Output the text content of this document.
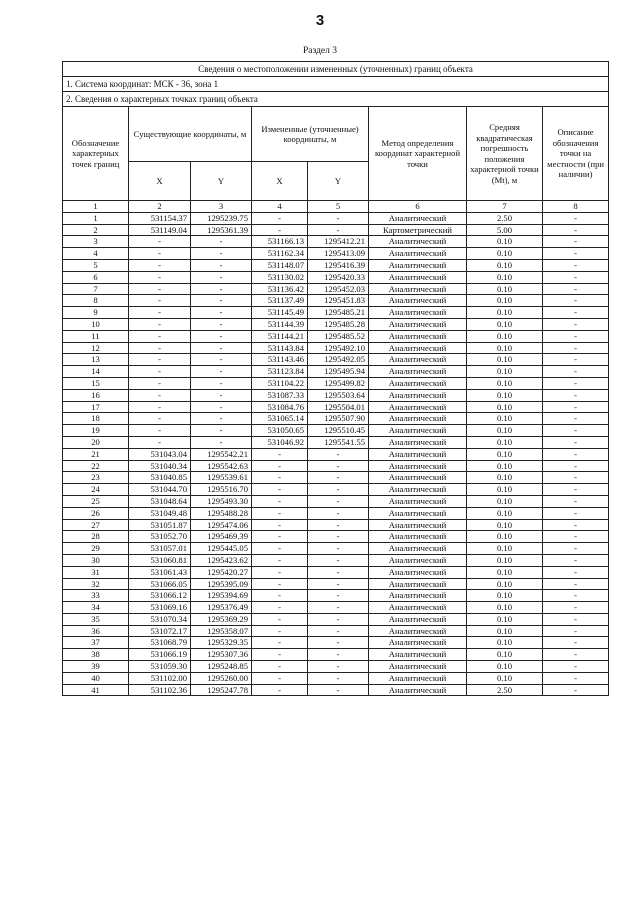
3
Раздел 3
Сведения о местоположении измененных (уточненных) границ объекта							
1. Система координат: МСК - 36, зона 1							
2. Сведения о характерных точках границ объекта							
Обозначение характерных точек границ	Существующие координаты, м		Измененные (уточненные) координаты, м		Метод определения координат характерной точки	Средняя квадратическая погрешность положения характерной точки (Mt), м	Описание обозначения точки на местности (при наличии)
	X	Y	X	Y			
1	2	3	4	5	6	7	8
1	531154.37	1295239.75	-	-	Аналитический	2.50	-
2	531149.04	1295361.39	-	-	Картометрический	5.00	-
3	-	-	531166.13	1295412.21	Аналитический	0.10	-
4	-	-	531162.34	1295413.09	Аналитический	0.10	-
5	-	-	531148.07	1295416.39	Аналитический	0.10	-
6	-	-	531130.02	1295420.33	Аналитический	0.10	-
7	-	-	531136.42	1295452.03	Аналитический	0.10	-
8	-	-	531137.49	1295451.83	Аналитический	0.10	-
9	-	-	531145.49	1295485.21	Аналитический	0.10	-
10	-	-	531144.39	1295485.28	Аналитический	0.10	-
11	-	-	531144.21	1295485.52	Аналитический	0.10	-
12	-	-	531143.84	1295492.10	Аналитический	0.10	-
13	-	-	531143.46	1295492.05	Аналитический	0.10	-
14	-	-	531123.84	1295495.94	Аналитический	0.10	-
15	-	-	531104.22	1295499.82	Аналитический	0.10	-
16	-	-	531087.33	1295503.64	Аналитический	0.10	-
17	-	-	531084.76	1295504.01	Аналитический	0.10	-
18	-	-	531065.14	1295507.90	Аналитический	0.10	-
19	-	-	531050.65	1295510.45	Аналитический	0.10	-
20	-	-	531046.92	1295541.55	Аналитический	0.10	-
21	531043.04	1295542.21	-	-	Аналитический	0.10	-
22	531040.34	1295542.63	-	-	Аналитический	0.10	-
23	531040.85	1295539.61	-	-	Аналитический	0.10	-
24	531044.70	1295516.70	-	-	Аналитический	0.10	-
25	531048.64	1295493.30	-	-	Аналитический	0.10	-
26	531049.48	1295488.28	-	-	Аналитический	0.10	-
27	531051.87	1295474.06	-	-	Аналитический	0.10	-
28	531052.70	1295469.39	-	-	Аналитический	0.10	-
29	531057.01	1295445.05	-	-	Аналитический	0.10	-
30	531060.81	1295423.62	-	-	Аналитический	0.10	-
31	531061.43	1295420.27	-	-	Аналитический	0.10	-
32	531066.05	1295395.09	-	-	Аналитический	0.10	-
33	531066.12	1295394.69	-	-	Аналитический	0.10	-
34	531069.16	1295376.49	-	-	Аналитический	0.10	-
35	531070.34	1295369.29	-	-	Аналитический	0.10	-
36	531072.17	1295358.07	-	-	Аналитический	0.10	-
37	531068.79	1295329.35	-	-	Аналитический	0.10	-
38	531066.19	1295307.36	-	-	Аналитический	0.10	-
39	531059.30	1295248.85	-	-	Аналитический	0.10	-
40	531102.00	1295260.00	-	-	Аналитический	0.10	-
41	531102.36	1295247.78	-	-	Аналитический	2.50	-
